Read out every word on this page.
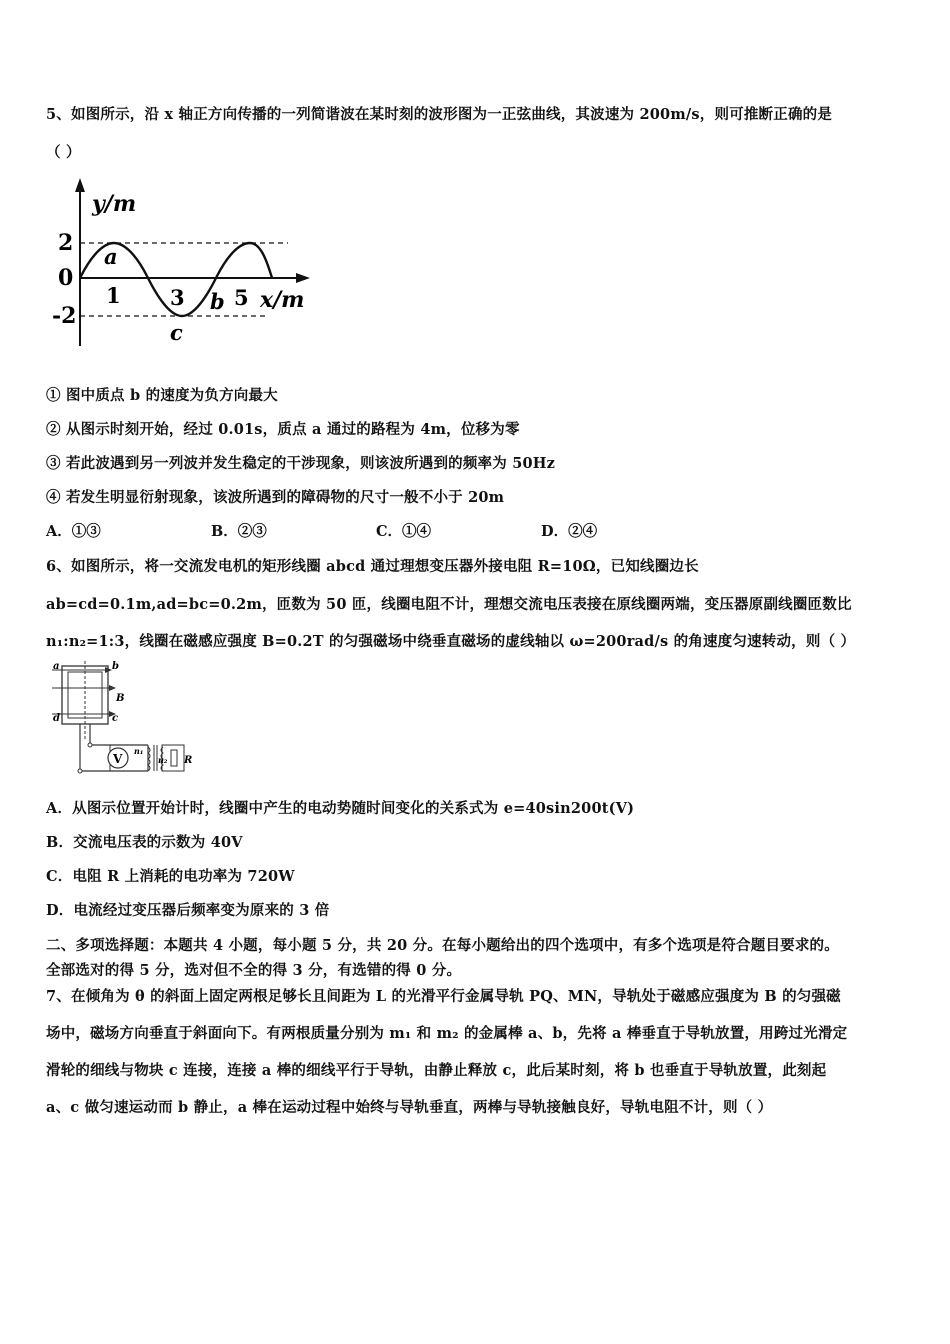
5、如图所示，沿 x 轴正方向传播的一列简谐波在某时刻的波形图为一正弦曲线，其波速为 200m/s，则可推断正确的是
（ ）
2
0
-2
1 3 5
y/m
x/m
a
b
c
① 图中质点 b 的速度为负方向最大
② 从图示时刻开始，经过 0.01s，质点 a 通过的路程为 4m，位移为零
③ 若此波遇到另一列波并发生稳定的干涉现象，则该波所遇到的频率为 50Hz
④ 若发生明显衍射现象，该波所遇到的障碍物的尺寸一般不小于 20m
A．①③	B．②③	C．①④	D．②④
6、如图所示，将一交流发电机的矩形线圈 abcd 通过理想变压器外接电阻 R=10Ω，已知线圈边长
ab=cd=0.1m,ad=bc=0.2m，匝数为 50 匝，线圈电阻不计，理想交流电压表接在原线圈两端，变压器原副线圈匝数比
n₁:n₂=1:3，线圈在磁感应强度 B=0.2T 的匀强磁场中绕垂直磁场的虚线轴以 ω=200rad/s 的角速度匀速转动，则（ ）
V
a	b
B
c
d
n₁
n₂ R
A．从图示位置开始计时，线圈中产生的电动势随时间变化的关系式为 e=40sin200t(V)
B．交流电压表的示数为 40V
C．电阻 R 上消耗的电功率为 720W
D．电流经过变压器后频率变为原来的 3 倍
二、多项选择题：本题共 4 小题，每小题 5 分，共 20 分。在每小题给出的四个选项中，有多个选项是符合题目要求的。
全部选对的得 5 分，选对但不全的得 3 分，有选错的得 0 分。
7、在倾角为 θ 的斜面上固定两根足够长且间距为 L 的光滑平行金属导轨 PQ、MN，导轨处于磁感应强度为 B 的匀强磁
场中，磁场方向垂直于斜面向下。有两根质量分别为 m₁ 和 m₂ 的金属棒 a、b，先将 a 棒垂直于导轨放置，用跨过光滑定
滑轮的细线与物块 c 连接，连接 a 棒的细线平行于导轨，由静止释放 c，此后某时刻，将 b 也垂直于导轨放置，此刻起
a、c 做匀速运动而 b 静止，a 棒在运动过程中始终与导轨垂直，两棒与导轨接触良好，导轨电阻不计，则（ ）
